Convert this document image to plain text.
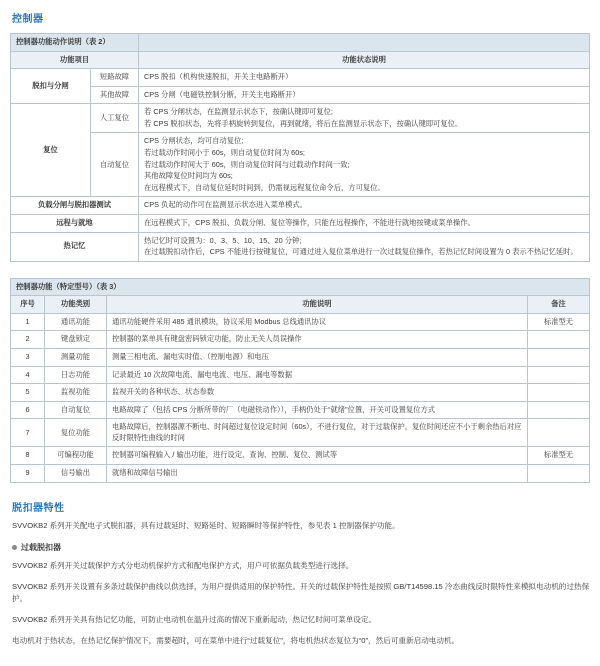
控制器
控制器功能动作说明（表 2）		
功能项目		功能状态说明
脱扣与分闸	短路故障	CPS 脱扣（机构快速脱扣，开关主电路断开）
	其他故障	CPS 分闸（电磁铁控制分断，开关主电路断开）
复位	人工复位	若 CPS 分闸状态，在监测显示状态下，按确认键即可复位;
若 CPS 脱扣状态，先将手柄旋转到复位，再到就绪，将后在监测显示状态下，按确认键即可复位。

	自动复位	CPS 分闸状态，均可自动复位;
若过载动作时间小于 60s，则自动复位时间为 60s;
若过载动作时间大于 60s，则自动复位时间与过载动作时间一致;
其他故障复位时间均为 60s;
在远程模式下，自动复位延时时间到，仍需视远程复位命令后，方可复位。

负载分闸与脱扣器测试		CPS 负起的动作可在监测显示状态进入菜单模式。
远程与就地		在远程模式下，CPS 脱扣、负载分闸、复位等操作，只能在远程操作，不能进行就地按键或菜单操作。
热记忆		热记忆时可设置为：0、3、5、10、15、20 分钟;
在过载脱扣动作后，CPS 不能进行按键复位，可通过进入复位菜单进行一次过载复位操作，若热记忆时间设置为 0 表示不热记忆延时。
控制器功能（特定型号）（表 3）			
序号	功能类别	功能说明	备注
1	通讯功能	通讯功能硬件采用 485 通讯模块，协议采用 Modbus 总线通讯协议	标准型无
2	键盘锁定	控制器的菜单具有键盘密码锁定功能，防止无关人员误操作	
3	测量功能	测量三相电流、漏电实时值、（控制电源）和电压	
4	日志功能	记录最近 10 次故障电流、漏电电流、电压、漏电等数据	
5	监视功能	监视开关的各种状态、状态参数	
6	自动复位	电路故障了（包括 CPS 分断所带的厂（电磁铁动作）），手柄仍处于“就绪”位置，开关可设置复位方式	
7	复位功能	电路故障后，控制器源不断电、时间超过复位设定时间（60s），不进行复位，对于过载保护，复位时间还应不小于剩余热后对应反时限特性曲线的时间	
8	可编程功能	控制器可编程输入 / 输出功能，进行设定、查询、控制、复位、测试等	标准型无
9	信号输出	就绪和故障信号输出	
脱扣器特性

SVVOKB2 系列开关配电子式脱扣器，具有过载延时、短路延时、短路瞬时等保护特性，参见表 1 控制器保护功能。

过载脱扣器

SVVOKB2 系列开关过载保护方式分电动机保护方式和配电保护方式，用户可依据负载类型进行选择。

SVVOKB2 系列开关设置有多条过载保护曲线以供选择，为用户提供适用的保护特性。开关的过载保护特性是按照 GB/T14598.15 冷态曲线反时限特性来模拟电动机的过热保护。

SVVOKB2 系列开关具有热记忆功能，可防止电动机在温升过高的情况下重新起动，热记忆时间可菜单设定。

电动机对于热状态，在热记忆保护情况下，需要超时，可在菜单中进行“过载复位”，将电机热状态复位为“0”，然后可重新启动电动机。
